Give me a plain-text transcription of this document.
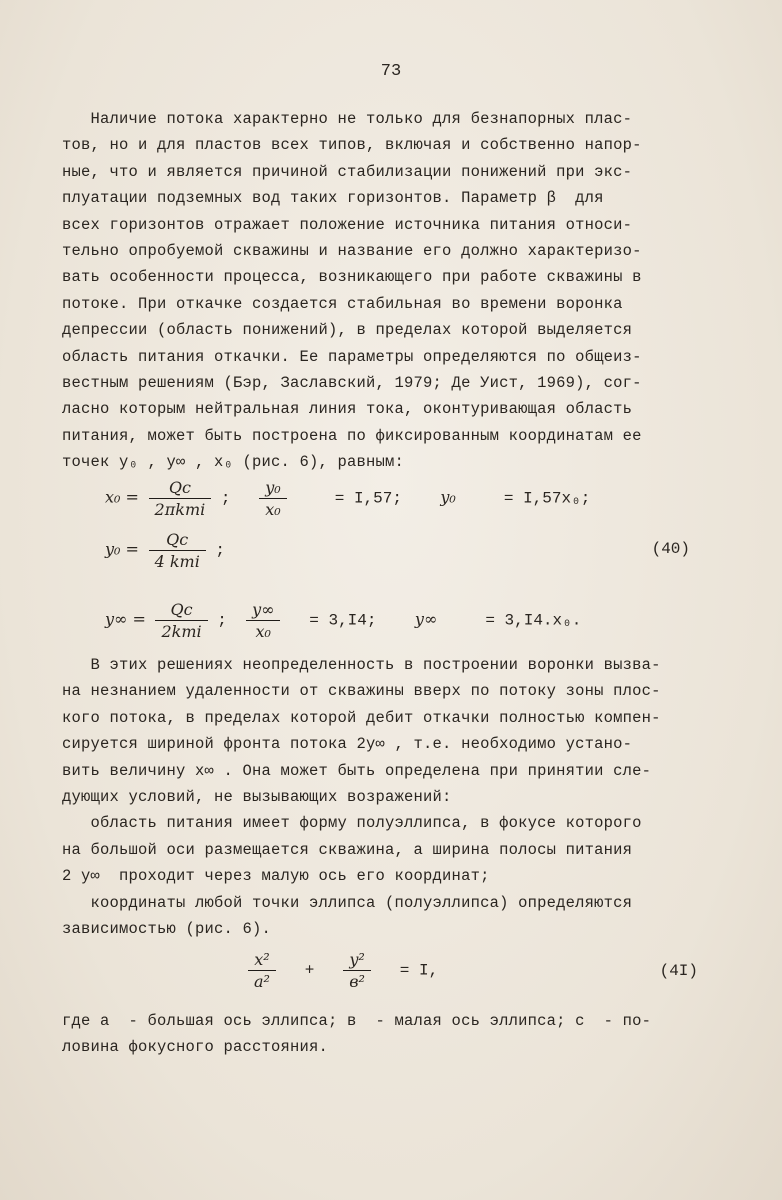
73
Наличие потока характерно не только для безнапорных плас-
тов, но и для пластов всех типов, включая и собственно напор-
ные, что и является причиной стабилизации понижений при экс-
плуатации подземных вод таких горизонтов. Параметр β  для
всех горизонтов отражает положение источника питания относи-
тельно опробуемой скважины и название его должно характеризо-
вать особенности процесса, возникающего при работе скважины в
потоке. При откачке создается стабильная во времени воронка
депрессии (область понижений), в пределах которой выделяется
область питания откачки. Ее параметры определяются по общеиз-
вестным решениям (Бэр, Заславский, 1979; Де Уист, 1969), сог-
ласно которым нейтральная линия тока, оконтуривающая область
питания, может быть построена по фиксированным координатам ее
точек y₀ , y∞ , x₀ (рис. 6), равным:
$x_0 = \frac{Qc}{\text{2πkmi}}$ ; $\frac{\text{y₀}}{\text{x₀}}$	= I,57; y₀	= I,57x₀;
$y_0 = \frac{Qc}{\text{4 kmi}}$ ;	(40)
$y\infty = \frac{Qc}{\text{2kmi}}$ ; $\frac{y\infty}{\text{x₀}} = 3,I4$; y∞	= 3,I4.x₀.
В этих решениях неопределенность в построении воронки вызва-
на незнанием удаленности от скважины вверх по потоку зоны плос-
кого потока, в пределах которой дебит откачки полностью компен-
сируется шириной фронта потока 2y∞ , т.е. необходимо устано-
вить величину x∞ . Она может быть определена при принятии сле-
дующих условий, не вызывающих возражений:
область питания имеет форму полуэллипса, в фокусе которого
на большой оси размещается скважина, а ширина полосы питания
2 y∞  проходит через малую ось его координат;
координаты любой точки эллипса (полуэллипса) определяются
зависимостью (рис. 6).
$\frac{\text{x²}}{\text{a²}} + \frac{\text{y²}}{\text{в²}} = I$,	(4I)
где a  - большая ось эллипса; в  - малая ось эллипса; c  - по-
ловина фокусного расстояния.
